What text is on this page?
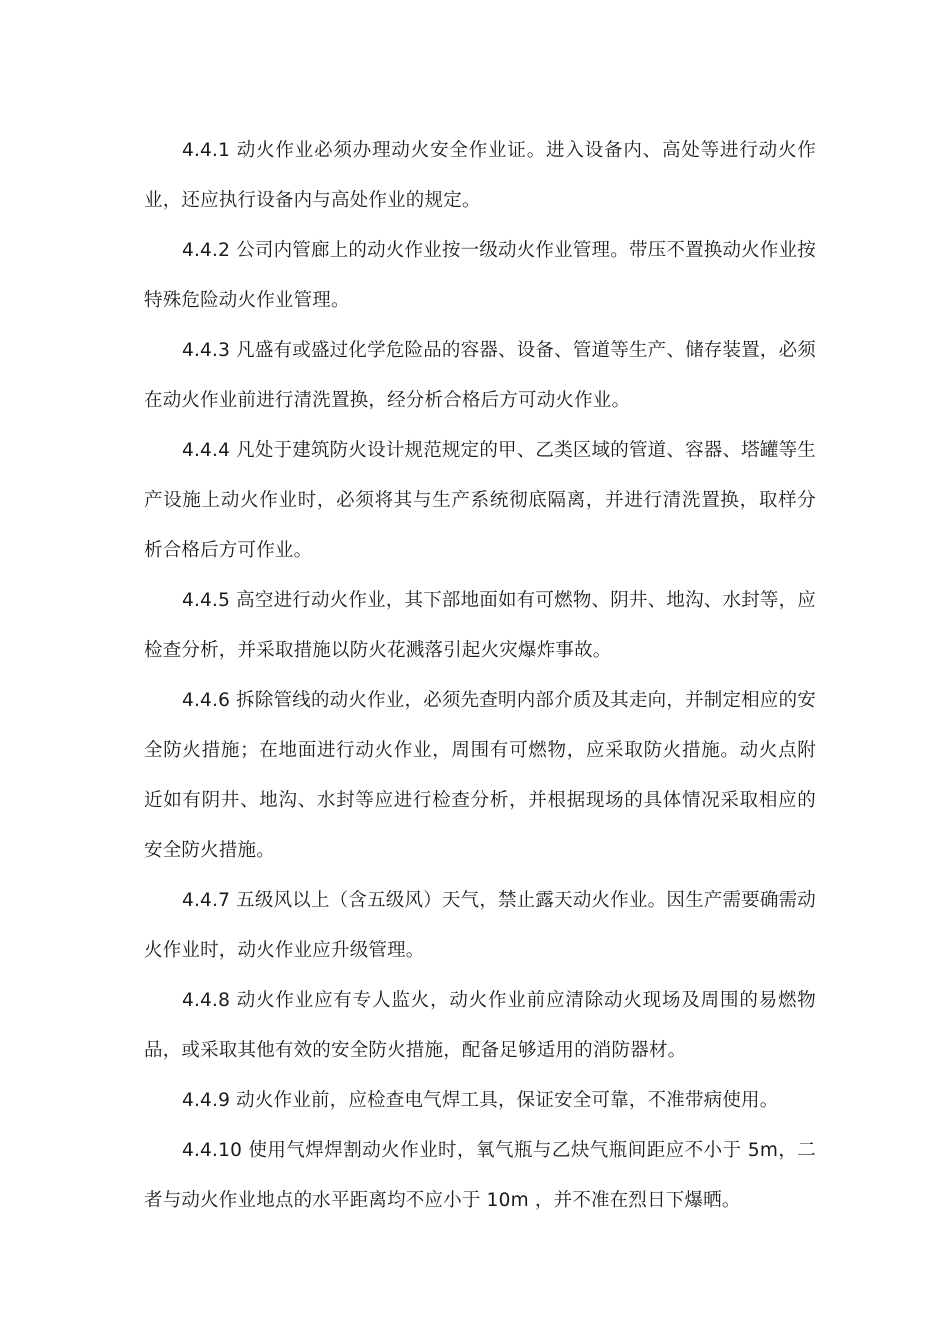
4.4.1 动火作业必须办理动火安全作业证。进入设备内、高处等进行动火作业，还应执行设备内与高处作业的规定。

4.4.2 公司内管廊上的动火作业按一级动火作业管理。带压不置换动火作业按特殊危险动火作业管理。

4.4.3 凡盛有或盛过化学危险品的容器、设备、管道等生产、储存装置，必须在动火作业前进行清洗置换，经分析合格后方可动火作业。

4.4.4 凡处于建筑防火设计规范规定的甲、乙类区域的管道、容器、塔罐等生产设施上动火作业时，必须将其与生产系统彻底隔离，并进行清洗置换，取样分析合格后方可作业。

4.4.5 高空进行动火作业，其下部地面如有可燃物、阴井、地沟、水封等，应检查分析，并采取措施以防火花溅落引起火灾爆炸事故。

4.4.6 拆除管线的动火作业，必须先查明内部介质及其走向，并制定相应的安全防火措施；在地面进行动火作业，周围有可燃物，应采取防火措施。动火点附近如有阴井、地沟、水封等应进行检查分析，并根据现场的具体情况采取相应的安全防火措施。

4.4.7 五级风以上（含五级风）天气，禁止露天动火作业。因生产需要确需动火作业时，动火作业应升级管理。

4.4.8 动火作业应有专人监火，动火作业前应清除动火现场及周围的易燃物品，或采取其他有效的安全防火措施，配备足够适用的消防器材。

4.4.9 动火作业前，应检查电气焊工具，保证安全可靠，不准带病使用。

4.4.10 使用气焊焊割动火作业时，氧气瓶与乙炔气瓶间距应不小于 5m，二者与动火作业地点的水平距离均不应小于 10m ，并不准在烈日下爆晒。
